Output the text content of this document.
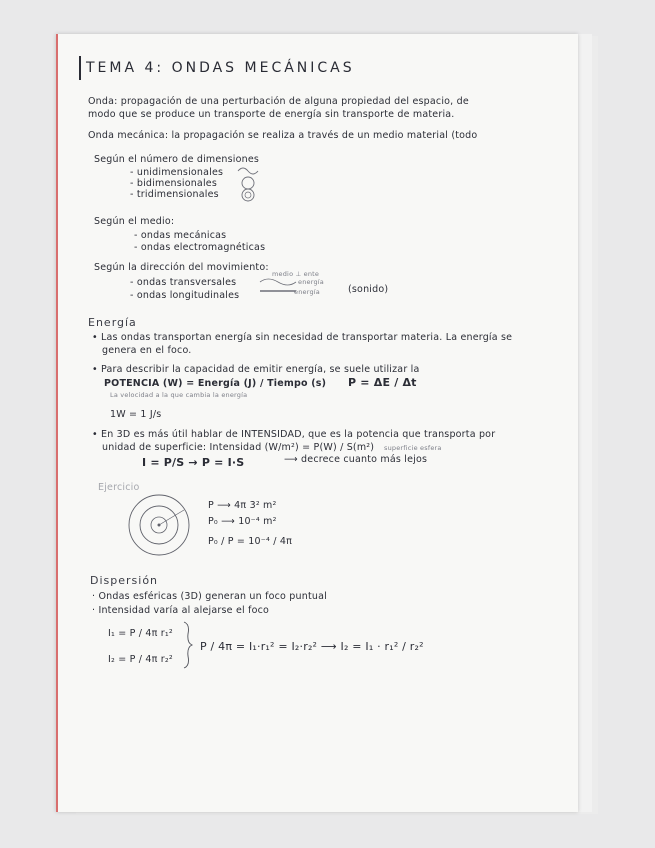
TEMA 4: ONDAS MECÁNICAS
Onda: propagación de una perturbación de alguna propiedad del espacio, de
modo que se produce un transporte de energía sin transporte de materia.
Onda mecánica: la propagación se realiza a través de un medio material (todo
Según el número de dimensiones
- unidimensionales
- bidimensionales
- tridimensionales
Según el medio:
- ondas mecánicas
- ondas electromagnéticas
Según la dirección del movimiento:
medio ⊥ ente
- ondas transversales	energía
- ondas longitudinales	energía	(sonido)
Energía
• Las ondas transportan energía sin necesidad de transportar materia. La energía se
genera en el foco.
• Para describir la capacidad de emitir energía, se suele utilizar la
POTENCIA (W) = Energía (J) / Tiempo (s) P = ΔE / Δt
La velocidad a la que cambia la energía
1W = 1 J/s
• En 3D es más útil hablar de INTENSIDAD, que es la potencia que transporta por
unidad de superficie: Intensidad (W/m²) = P(W) / S(m²) superficie esfera
I = P/S → P = I·S	⟶ decrece cuanto más lejos
Ejercicio
P ⟶ 4π 3² m²
P₀ ⟶ 10⁻⁴ m²
P₀ / P = 10⁻⁴ / 4π
Dispersión
· Ondas esféricas (3D) generan un foco puntual
· Intensidad varía al alejarse el foco
I₁ = P / 4π r₁²
I₂ = P / 4π r₂²
P / 4π = I₁·r₁² = I₂·r₂² ⟶ I₂ = I₁ · r₁² / r₂²
